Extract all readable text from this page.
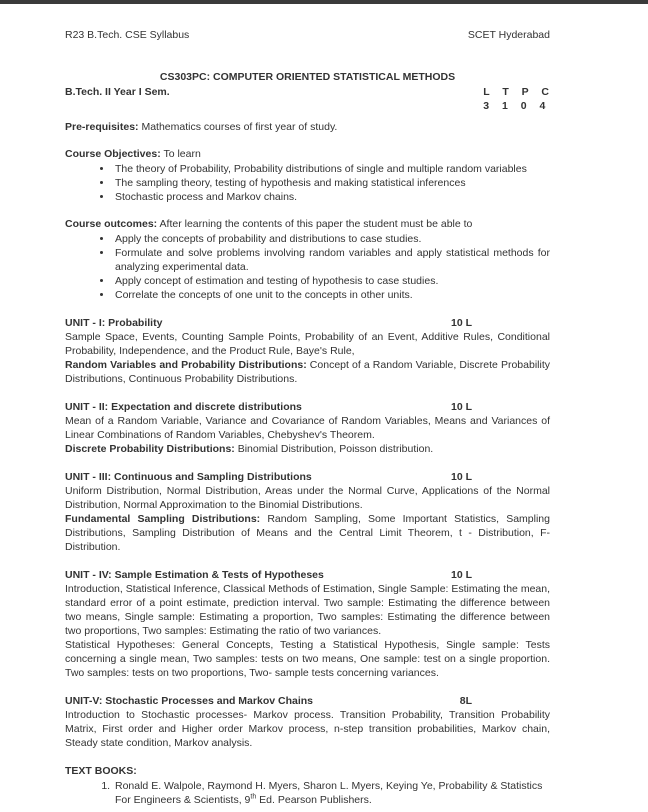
R23 B.Tech. CSE Syllabus	SCET Hyderabad
CS303PC: COMPUTER ORIENTED STATISTICAL METHODS
B.Tech. II Year I Sem.	L T P C
3 1 0 4

Pre-requisites: Mathematics courses of first year of study.

Course Objectives: To learn
• The theory of Probability, Probability distributions of single and multiple random variables
• The sampling theory, testing of hypothesis and making statistical inferences
• Stochastic process and Markov chains.
Course outcomes: After learning the contents of this paper the student must be able to
• Apply the concepts of probability and distributions to case studies.
• Formulate and solve problems involving random variables and apply statistical methods for analyzing experimental data.
• Apply concept of estimation and testing of hypothesis to case studies.
• Correlate the concepts of one unit to the concepts in other units.
UNIT - I: Probability	10 L
Sample Space, Events, Counting Sample Points, Probability of an Event, Additive Rules, Conditional Probability, Independence, and the Product Rule, Baye's Rule,
Random Variables and Probability Distributions: Concept of a Random Variable, Discrete Probability Distributions, Continuous Probability Distributions.
UNIT - II: Expectation and discrete distributions	10 L
Mean of a Random Variable, Variance and Covariance of Random Variables, Means and Variances of Linear Combinations of Random Variables, Chebyshev's Theorem.
Discrete Probability Distributions: Binomial Distribution, Poisson distribution.
UNIT - III: Continuous and Sampling Distributions	10 L
Uniform Distribution, Normal Distribution, Areas under the Normal Curve, Applications of the Normal Distribution, Normal Approximation to the Binomial Distributions.
Fundamental Sampling Distributions: Random Sampling, Some Important Statistics, Sampling Distributions, Sampling Distribution of Means and the Central Limit Theorem, t - Distribution, F-Distribution.
UNIT - IV: Sample Estimation & Tests of Hypotheses	10 L
Introduction, Statistical Inference, Classical Methods of Estimation, Single Sample: Estimating the mean, standard error of a point estimate, prediction interval. Two sample: Estimating the difference between two means, Single sample: Estimating a proportion, Two samples: Estimating the difference between two proportions, Two samples: Estimating the ratio of two variances.
Statistical Hypotheses: General Concepts, Testing a Statistical Hypothesis, Single sample: Tests concerning a single mean, Two samples: tests on two means, One sample: test on a single proportion. Two samples: tests on two proportions, Two- sample tests concerning variances.
UNIT-V: Stochastic Processes and Markov Chains	8L
Introduction to Stochastic processes- Markov process. Transition Probability, Transition Probability Matrix, First order and Higher order Markov process, n-step transition probabilities, Markov chain, Steady state condition, Markov analysis.
TEXT BOOKS:
1. Ronald E. Walpole, Raymond H. Myers, Sharon L. Myers, Keying Ye, Probability & Statistics For Engineers & Scientists, 9th Ed. Pearson Publishers.
